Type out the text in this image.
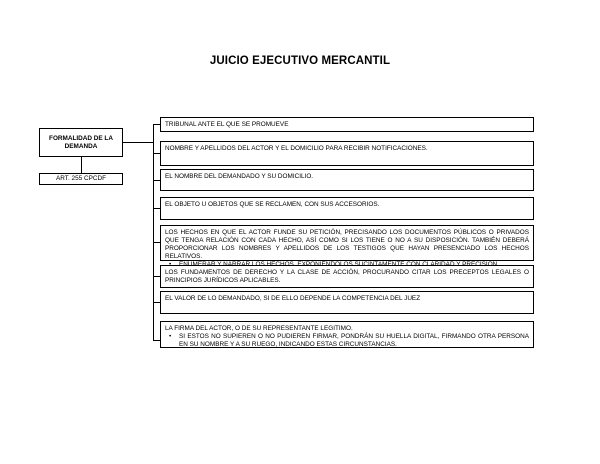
JUICIO EJECUTIVO MERCANTIL
FORMALIDAD DE LA DEMANDA
ART. 255 CPCDF
TRIBUNAL ANTE EL QUE SE PROMUEVE
NOMBRE Y APELLIDOS DEL ACTOR Y EL DOMICILIO PARA RECIBIR NOTIFICACIONES.
EL NOMBRE DEL DEMANDADO Y SU DOMICILIO.
EL OBJETO U OBJETOS QUE SE RECLAMEN, CON SUS ACCESORIOS.
LOS HECHOS EN QUE EL ACTOR FUNDE SU PETICIÓN, PRECISANDO LOS DOCUMENTOS PÚBLICOS O PRIVADOS QUE TENGA RELACIÓN CON CADA HECHO, ASÍ COMO SI LOS TIENE O NO A SU DISPOSICIÓN. TAMBIÉN DEBERÁ PROPORCIONAR LOS NOMBRES Y APELLIDOS DE LOS TESTIGOS QUE HAYAN PRESENCIADO LOS HECHOS RELATIVOS.
•
LOS FUNDAMENTOS DE DERECHO Y LA CLASE DE ACCIÓN, PROCURANDO CITAR LOS PRECEPTOS LEGALES O PRINCIPIOS JURÍDICOS APLICABLES.
EL VALOR DE LO DEMANDADO, SI DE ELLO DEPENDE LA COMPETENCIA DEL JUEZ
LA FIRMA DEL ACTOR, O DE SU REPRESENTANTE LEGITIMO.
• SI ESTOS NO SUPIEREN O NO PUDIEREN FIRMAR, PONDRÁN SU HUELLA DIGITAL, FIRMANDO OTRA PERSONA EN SU NOMBRE Y A SU RUEGO, INDICANDO ESTAS CIRCUNSTANCIAS.
